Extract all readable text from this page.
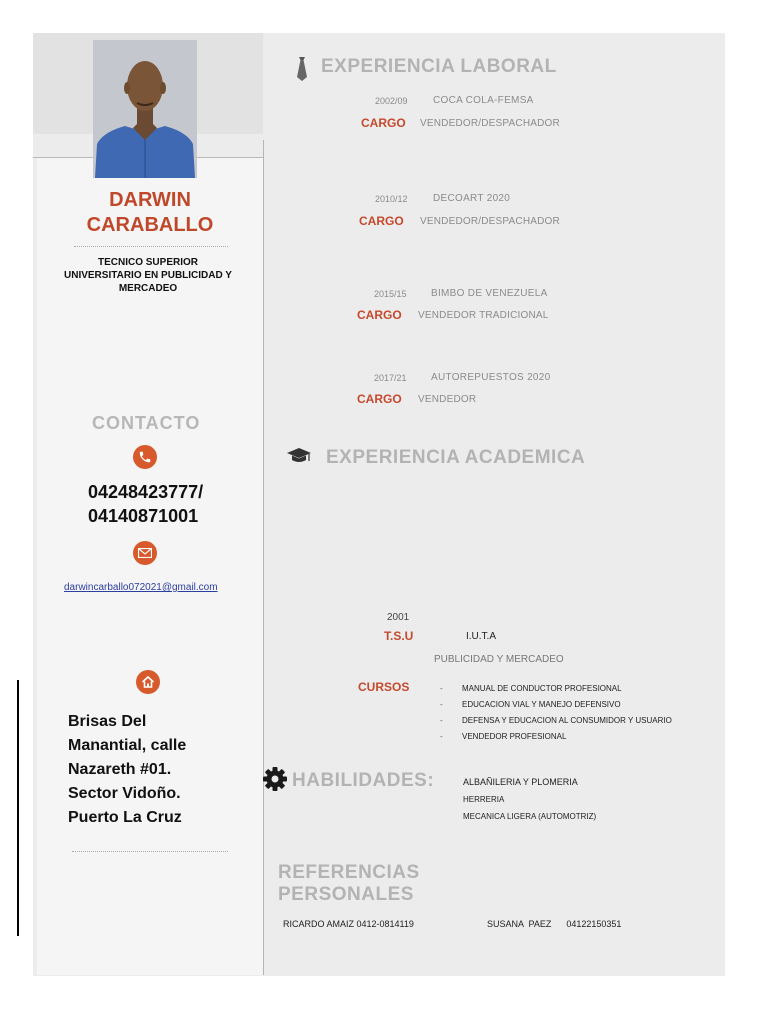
DARWIN
CARABALLO
TECNICO SUPERIOR
UNIVERSITARIO EN PUBLICIDAD Y
MERCADEO
CONTACTO
04248423777/
04140871001
darwincarballo072021@gmail.com
Brisas Del
Manantial, calle
Nazareth #01.
Sector Vidoño.
Puerto La Cruz
EXPERIENCIA LABORAL
2002/09	COCA COLA-FEMSA
CARGO VENDEDOR/DESPACHADOR
2010/12	DECOART 2020
CARGO VENDEDOR/DESPACHADOR
2015/15 BIMBO DE VENEZUELA
CARGO VENDEDOR TRADICIONAL
2017/21 AUTOREPUESTOS 2020
CARGO VENDEDOR
EXPERIENCIA ACADEMICA
2001
T.S.U	I.U.T.A
PUBLICIDAD Y MERCADEO
CURSOS	-	MANUAL DE CONDUCTOR PROFESIONAL
-	EDUCACION VIAL Y MANEJO DEFENSIVO
-	DEFENSA Y EDUCACION AL CONSUMIDOR Y USUARIO
-	VENDEDOR PROFESIONAL
HABILIDADES:	ALBAÑILERIA Y PLOMERIA
HERRERIA
MECANICA LIGERA (AUTOMOTRIZ)
REFERENCIAS
PERSONALES
RICARDO AMAIZ 0412-0814119	SUSANA  PAEZ      04122150351
